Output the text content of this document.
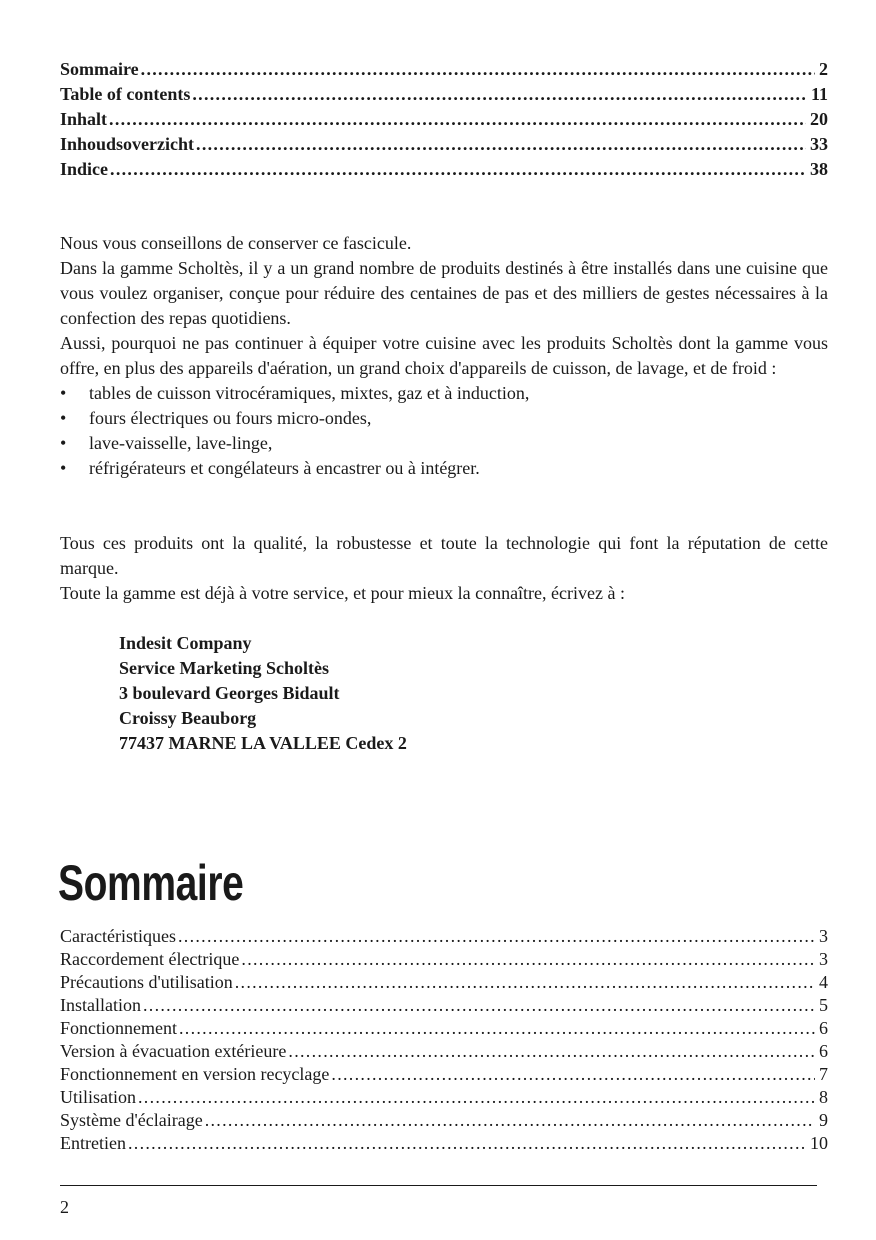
Sommaire . . .	2
Table of contents . . .	11
Inhalt . . .	20
Inhoudsoverzicht . . .	33
Indice . . .	38

Nous vous conseillons de conserver ce fascicule.

Dans la gamme Scholtès, il y a un grand nombre de produits destinés à être installés dans une cuisine que vous voulez organiser, conçue pour réduire des centaines de pas et des milliers de gestes nécessaires à la confection des repas quotidiens.

Aussi, pourquoi ne pas continuer à équiper votre cuisine avec les produits Scholtès dont la gamme vous offre, en plus des appareils d'aération, un grand choix d'appareils de cuisson, de lavage, et de froid :

• tables de cuisson vitrocéramiques, mixtes, gaz et à induction,
• fours électriques ou fours micro-ondes,
• lave-vaisselle, lave-linge,
• réfrigérateurs et congélateurs à encastrer ou à intégrer.

Tous ces produits ont la qualité, la robustesse et toute la technologie qui font la réputation de cette marque.

Toute la gamme est déjà à votre service, et pour mieux la connaître, écrivez à :

Indesit Company
Service Marketing Scholtès
3 boulevard Georges Bidault
Croissy Beauborg
77437 MARNE LA VALLEE Cedex 2
Sommaire
Caractéristiques . . .	3
Raccordement électrique . . .	3
Précautions d'utilisation . . .	4
Installation . . .	5
Fonctionnement . . .	6
Version à évacuation extérieure . . .	6
Fonctionnement en version recyclage . . .	7
Utilisation . . .	8
Système d'éclairage . . .	9
Entretien . . .	10
2
